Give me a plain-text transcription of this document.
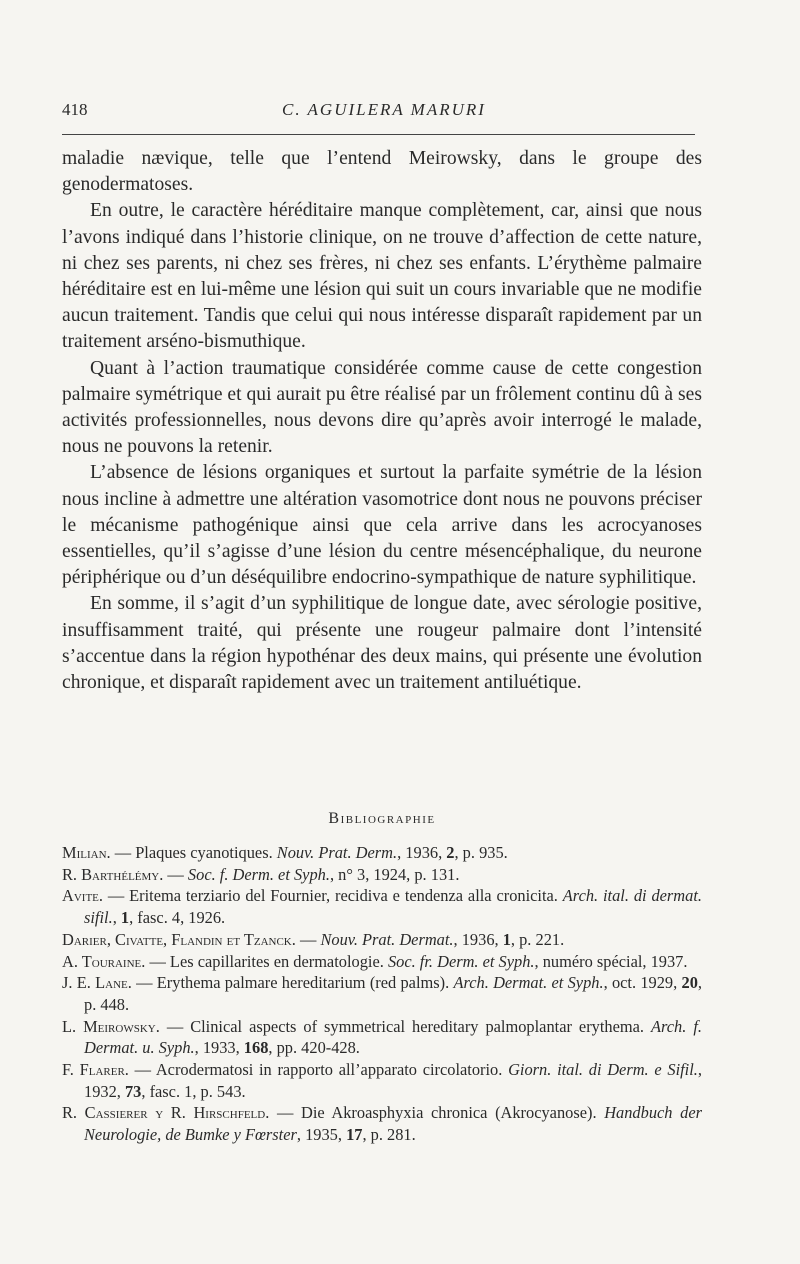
418	C. AGUILERA MARURI

maladie nævique, telle que l’entend Meirowsky, dans le groupe des genodermatoses.

En outre, le caractère héréditaire manque complètement, car, ainsi que nous l’avons indiqué dans l’historie clinique, on ne trouve d’affection de cette nature, ni chez ses parents, ni chez ses frères, ni chez ses enfants. L’érythème palmaire héréditaire est en lui-même une lésion qui suit un cours invariable que ne modifie aucun traitement. Tandis que celui qui nous intéresse disparaît rapidement par un traitement arséno-bismuthique.

Quant à l’action traumatique considérée comme cause de cette congestion palmaire symétrique et qui aurait pu être réalisé par un frôlement continu dû à ses activités professionnelles, nous devons dire qu’après avoir interrogé le malade, nous ne pouvons la retenir.

L’absence de lésions organiques et surtout la parfaite symétrie de la lésion nous incline à admettre une altération vasomotrice dont nous ne pouvons préciser le mécanisme pathogénique ainsi que cela arrive dans les acrocyanoses essentielles, qu’il s’agisse d’une lésion du centre mésencéphalique, du neurone périphérique ou d’un déséquilibre endocrino-sympathique de nature syphilitique.

En somme, il s’agit d’un syphilitique de longue date, avec sérologie positive, insuffisamment traité, qui présente une rougeur palmaire dont l’intensité s’accentue dans la région hypothénar des deux mains, qui présente une évolution chronique, et disparaît rapidement avec un traitement antiluétique.

Bibliographie
Milian. — Plaques cyanotiques. Nouv. Prat. Derm., 1936, 2, p. 935.
R. Barthélémy. — Soc. f. Derm. et Syph., n° 3, 1924, p. 131.
Avite. — Eritema terziario del Fournier, recidiva e tendenza alla cronicita. Arch. ital. di dermat. sifil., 1, fasc. 4, 1926.
Darier, Civatte, Flandin et Tzanck. — Nouv. Prat. Dermat., 1936, 1, p. 221.
A. Touraine. — Les capillarites en dermatologie. Soc. fr. Derm. et Syph., numéro spécial, 1937.
J. E. Lane. — Erythema palmare hereditarium (red palms). Arch. Dermat. et Syph., oct. 1929, 20, p. 448.
L. Meirowsky. — Clinical aspects of symmetrical hereditary palmoplantar erythema. Arch. f. Dermat. u. Syph., 1933, 168, pp. 420-428.
F. Flarer. — Acrodermatosi in rapporto all’apparato circolatorio. Giorn. ital. di Derm. e Sifil., 1932, 73, fasc. 1, p. 543.
R. Cassierer y R. Hirschfeld. — Die Akroasphyxia chronica (Akrocyanose). Handbuch der Neurologie, de Bumke y Fœrster, 1935, 17, p. 281.
